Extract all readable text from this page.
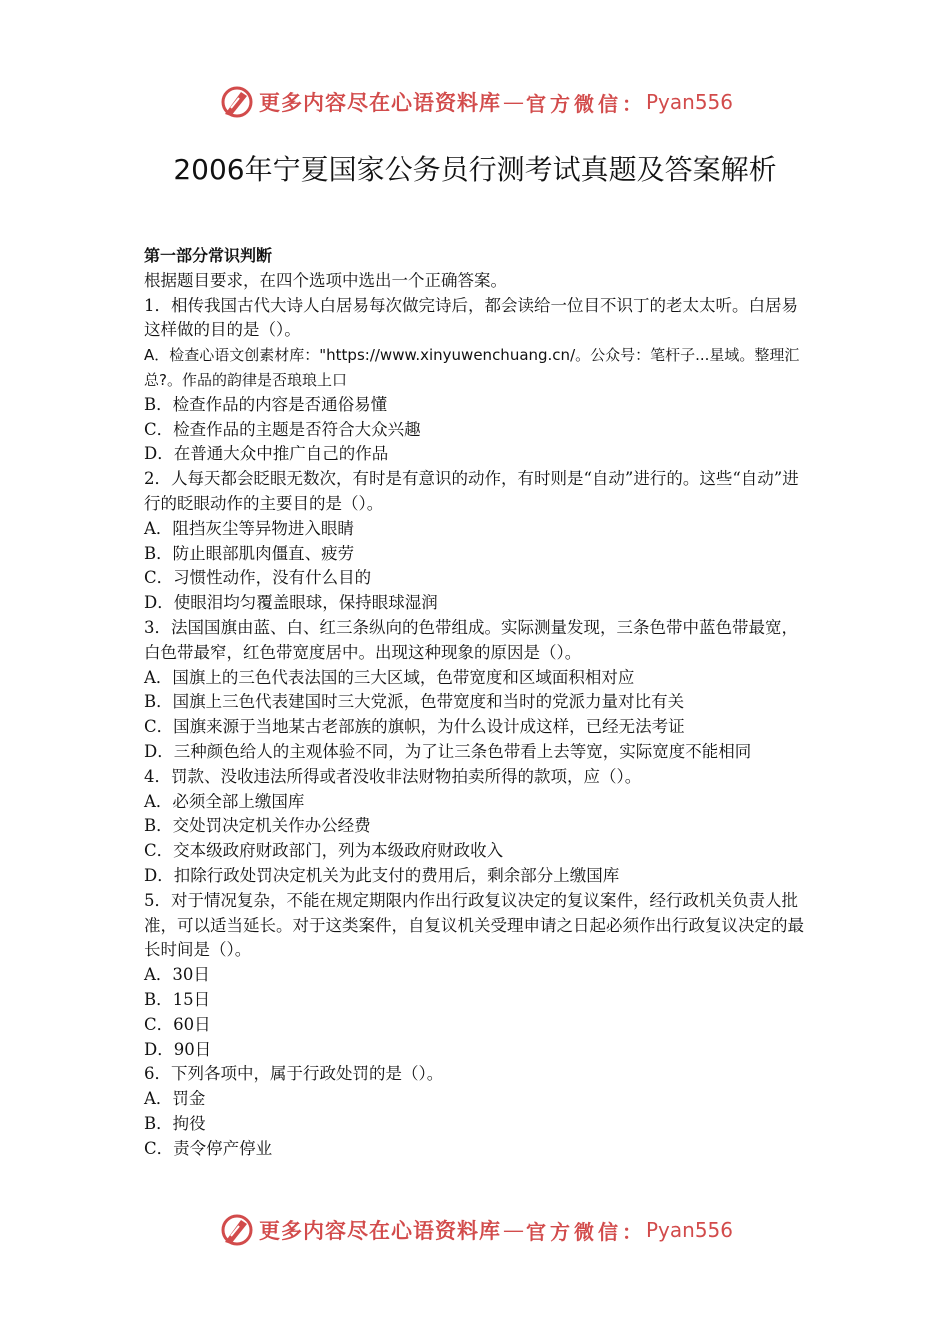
更多内容尽在心语资料库 — 官方微信： Pyan556
2006年宁夏国家公务员行测考试真题及答案解析
第一部分常识判断
根据题目要求，在四个选项中选出一个正确答案。
1．相传我国古代大诗人白居易每次做完诗后，都会读给一位目不识丁的老太太听。白居易这样做的目的是（）。
A．检查心语文创素材库："https://www.xinyuwenchuang.cn/。公众号：笔杆子...星域。整理汇总?。作品的韵律是否琅琅上口
B．检查作品的内容是否通俗易懂
C．检查作品的主题是否符合大众兴趣
D．在普通大众中推广自己的作品
2．人每天都会眨眼无数次，有时是有意识的动作，有时则是“自动”进行的。这些“自动”进行的眨眼动作的主要目的是（）。
A．阻挡灰尘等异物进入眼睛
B．防止眼部肌肉僵直、疲劳
C．习惯性动作，没有什么目的
D．使眼泪均匀覆盖眼球，保持眼球湿润
3．法国国旗由蓝、白、红三条纵向的色带组成。实际测量发现，三条色带中蓝色带最宽，白色带最窄，红色带宽度居中。出现这种现象的原因是（）。
A．国旗上的三色代表法国的三大区域，色带宽度和区域面积相对应
B．国旗上三色代表建国时三大党派，色带宽度和当时的党派力量对比有关
C．国旗来源于当地某古老部族的旗帜，为什么设计成这样，已经无法考证
D．三种颜色给人的主观体验不同，为了让三条色带看上去等宽，实际宽度不能相同
4．罚款、没收违法所得或者没收非法财物拍卖所得的款项，应（）。
A．必须全部上缴国库
B．交处罚决定机关作办公经费
C．交本级政府财政部门，列为本级政府财政收入
D．扣除行政处罚决定机关为此支付的费用后，剩余部分上缴国库
5．对于情况复杂，不能在规定期限内作出行政复议决定的复议案件，经行政机关负责人批准，可以适当延长。对于这类案件，自复议机关受理申请之日起必须作出行政复议决定的最长时间是（）。
A．30日
B．15日
C．60日
D．90日
6．下列各项中，属于行政处罚的是（）。
A．罚金
B．拘役
C．责令停产停业
更多内容尽在心语资料库 — 官方微信： Pyan556
